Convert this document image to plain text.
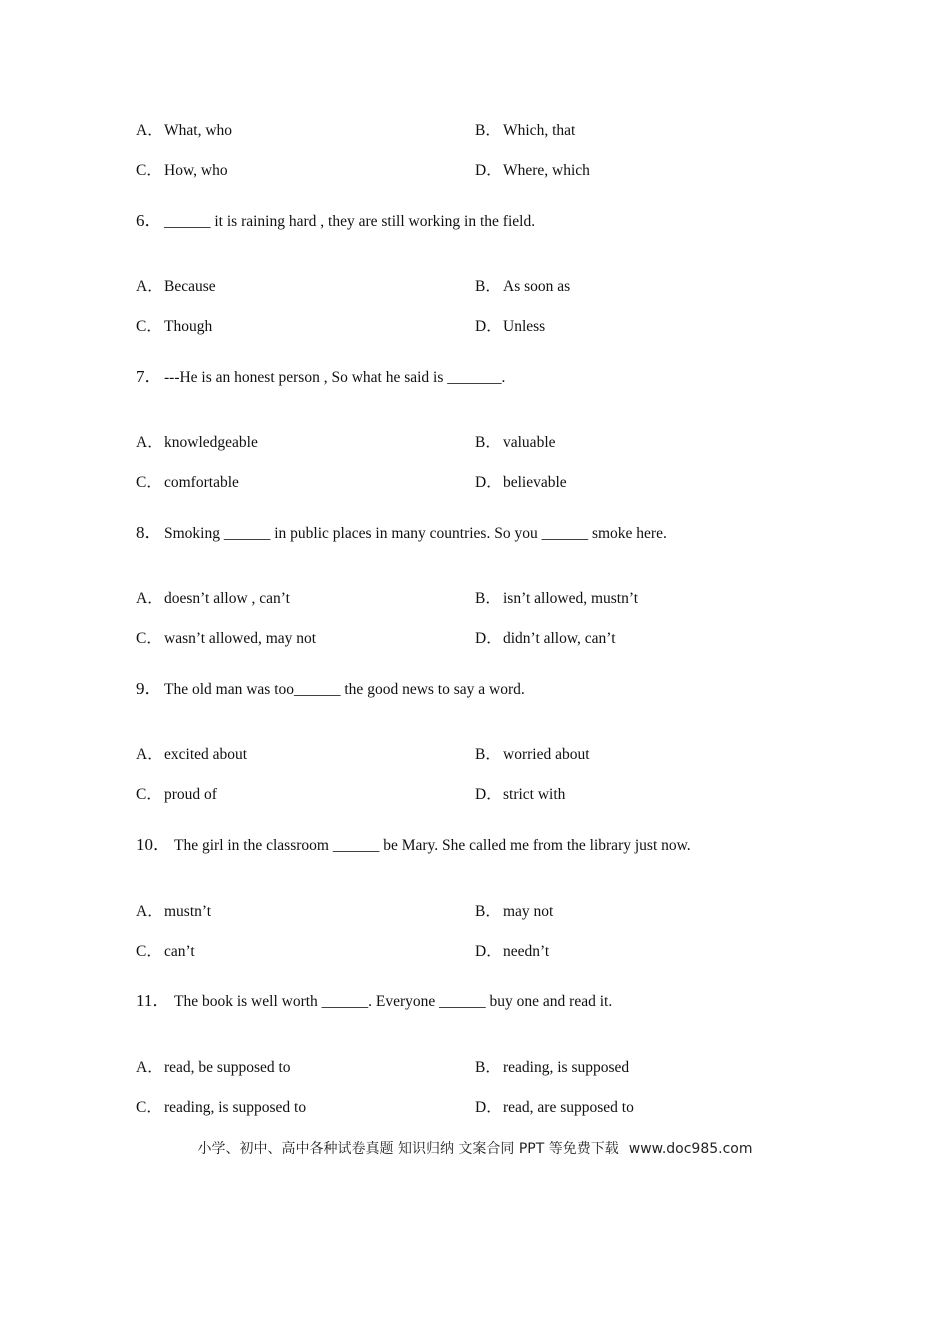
A．What, who	B． Which, that
C． How, who	D．Where, which
6． ______ it is raining hard , they are still working in the field.
A．Because	B． As soon as
C． Though	D．Unless
7． ---He is an honest person , So what he said is _______.
A．knowledgeable	B． valuable
C． comfortable	D．believable
8． Smoking ______ in public places in many countries. So you ______ smoke here.
A．doesn’t allow , can’t	B． isn’t allowed, mustn’t
C． wasn’t allowed, may not	D．didn’t allow, can’t
9． The old man was too______ the good news to say a word.
A．excited about	B． worried about
C． proud of	D．strict with
10． The girl in the classroom ______ be Mary. She called me from the library just now.
A．mustn’t	B． may not
C． can’t	D．needn’t
11． The book is well worth ______. Everyone ______ buy one and read it.
A．read, be supposed to	B． reading, is supposed
C． reading, is supposed to	D．read, are supposed to
小学、初中、高中各种试卷真题 知识归纳 文案合同 PPT 等免费下载 www.doc985.com
